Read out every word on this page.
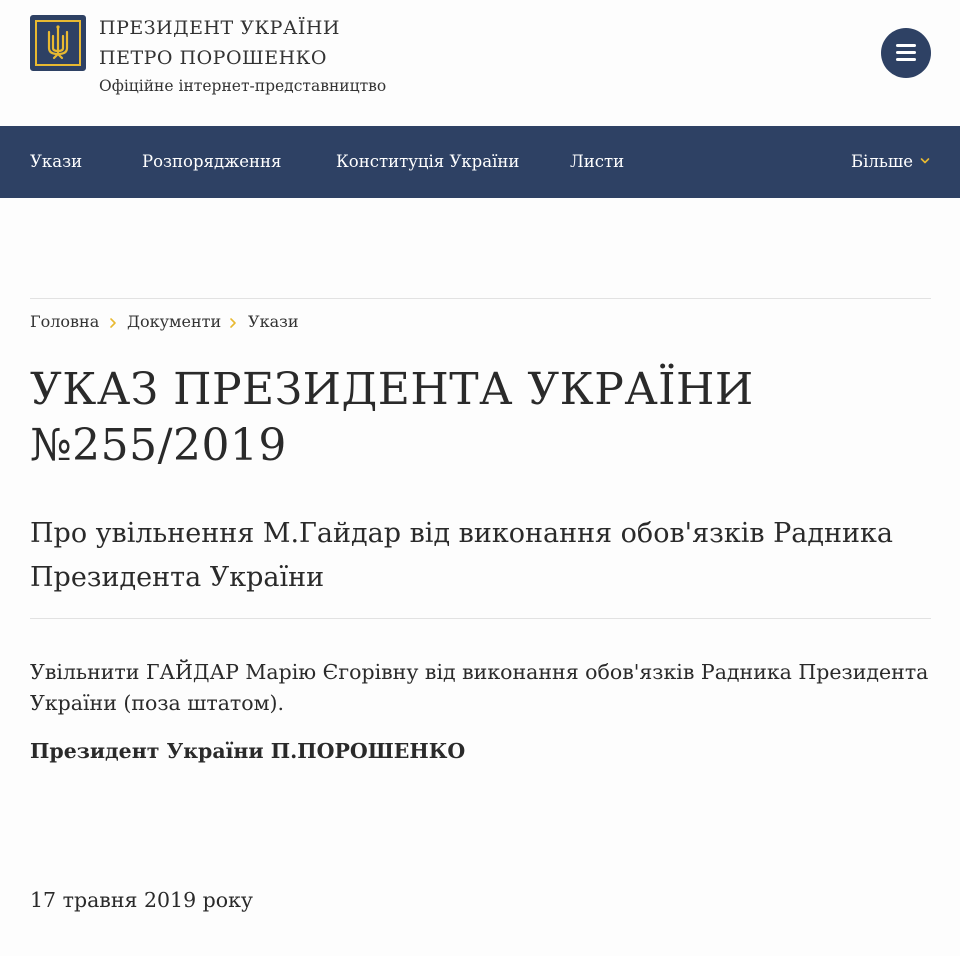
ПРЕЗИДЕНТ УКРАЇНИ
ПЕТРО ПОРОШЕНКО
Офіційне інтернет-представництво
Укази	Розпорядження	Конституція України	Листи	Більше
Головна Документи Укази
УКАЗ ПРЕЗИДЕНТА УКРАЇНИ
№255/2019
Про увільнення М.Гайдар від виконання обов'язків Радника
Президента України
Увільнити ГАЙДАР Марію Єгорівну від виконання обов'язків Радника Президента
України (поза штатом).
Президент України П.ПОРОШЕНКО
17 травня 2019 року
